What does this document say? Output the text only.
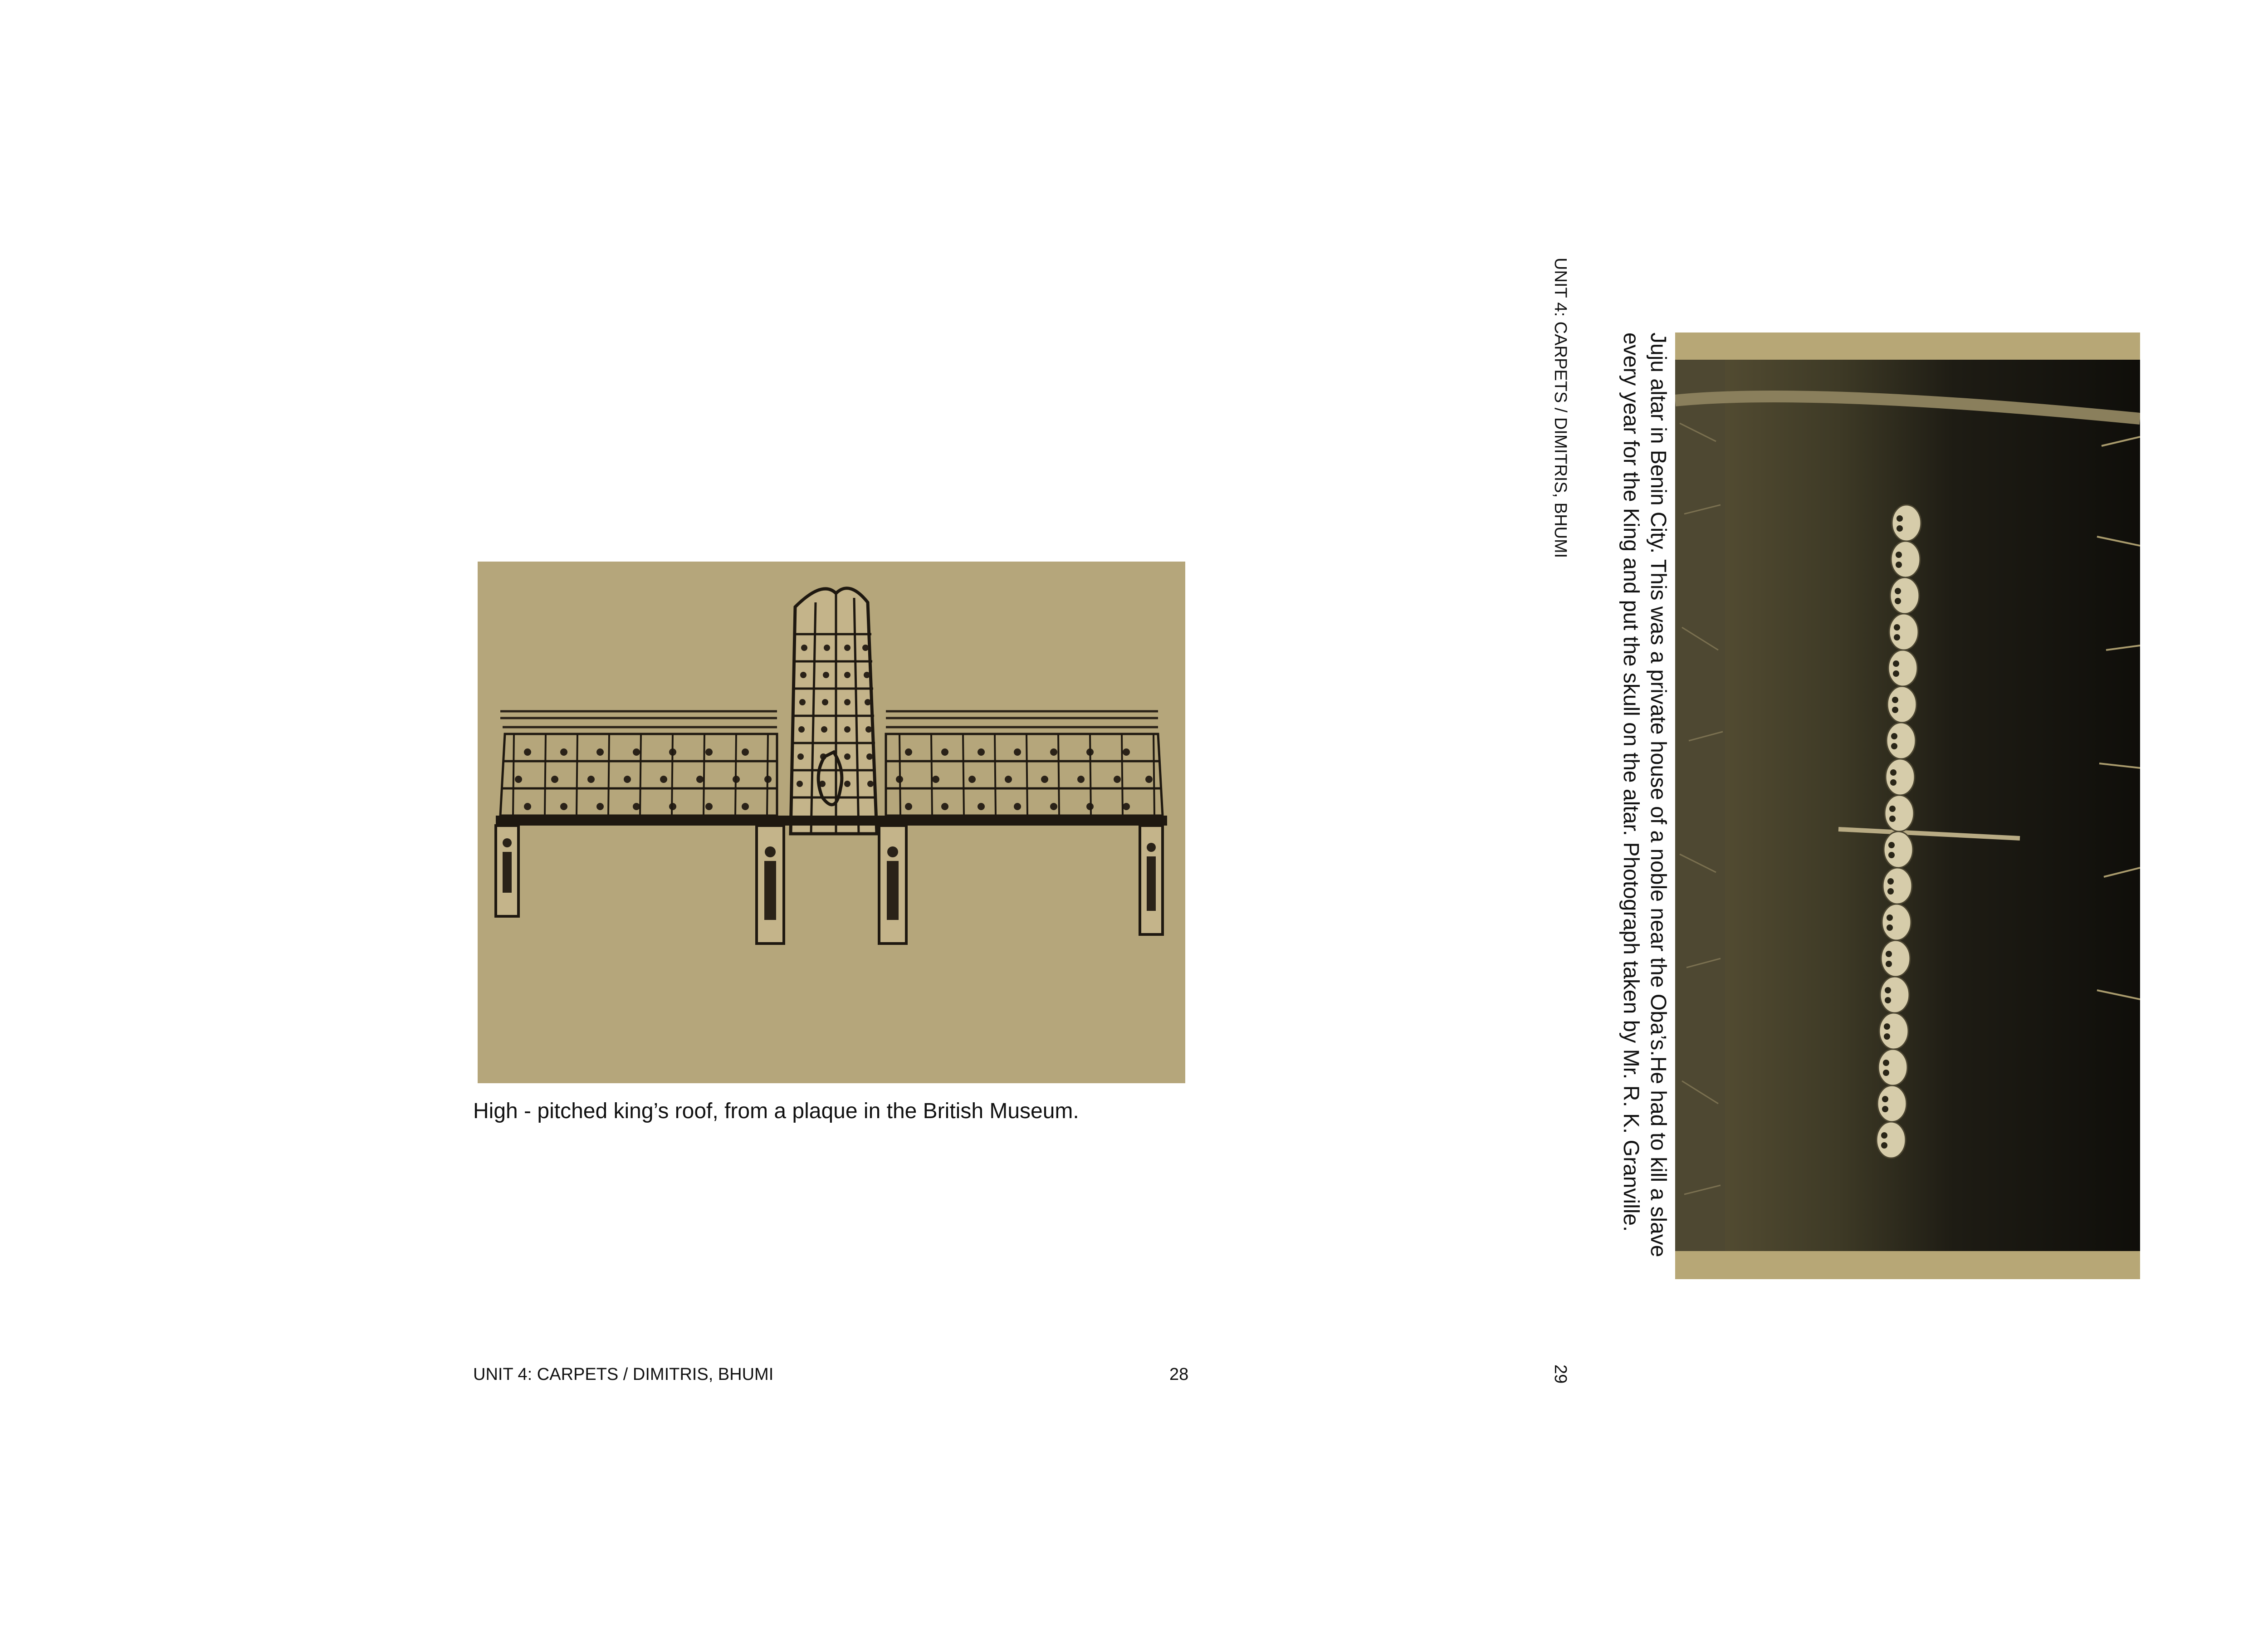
High - pitched king’s roof, from a plaque in the British Museum.
UNIT 4: CARPETS / DIMITRIS, BHUMI	28
UNIT 4: CARPETS / DIMITRIS, BHUMI	Juju altar in Benin City. This was a private house of a noble near the Oba’s.He had to kill a slave
every year for the King and put the skull on the altar. Photograph taken by Mr. R. K. Granville.
29
